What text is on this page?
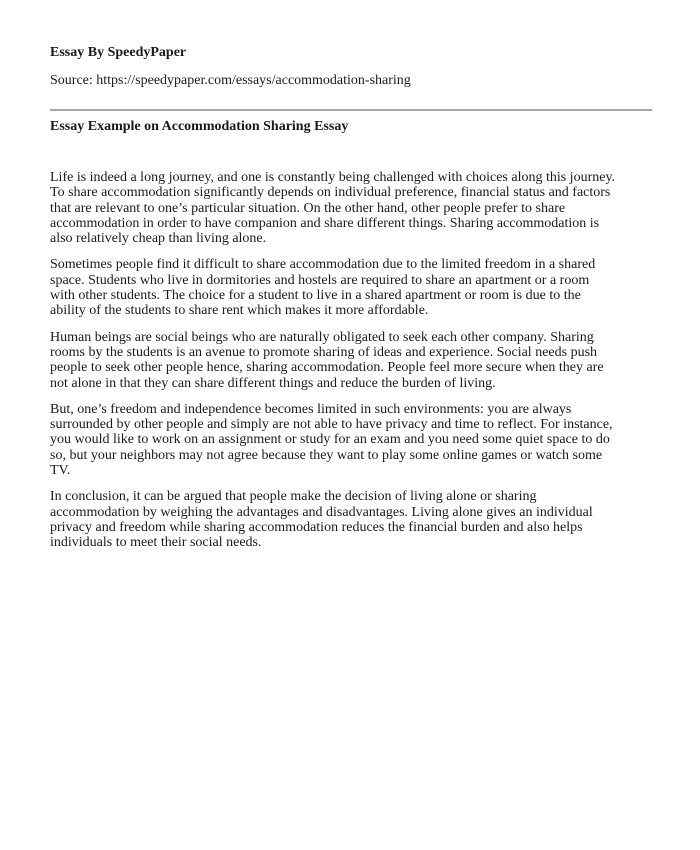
Essay By SpeedyPaper
Source: https://speedypaper.com/essays/accommodation-sharing
Essay Example on Accommodation Sharing Essay
Life is indeed a long journey, and one is constantly being challenged with choices along this journey.
To share accommodation significantly depends on individual preference, financial status and factors
that are relevant to one’s particular situation. On the other hand, other people prefer to share
accommodation in order to have companion and share different things. Sharing accommodation is
also relatively cheap than living alone.
Sometimes people find it difficult to share accommodation due to the limited freedom in a shared
space. Students who live in dormitories and hostels are required to share an apartment or a room
with other students. The choice for a student to live in a shared apartment or room is due to the
ability of the students to share rent which makes it more affordable.
Human beings are social beings who are naturally obligated to seek each other company. Sharing
rooms by the students is an avenue to promote sharing of ideas and experience. Social needs push
people to seek other people hence, sharing accommodation. People feel more secure when they are
not alone in that they can share different things and reduce the burden of living.
But, one’s freedom and independence becomes limited in such environments: you are always
surrounded by other people and simply are not able to have privacy and time to reflect. For instance,
you would like to work on an assignment or study for an exam and you need some quiet space to do
so, but your neighbors may not agree because they want to play some online games or watch some
TV.
In conclusion, it can be argued that people make the decision of living alone or sharing
accommodation by weighing the advantages and disadvantages. Living alone gives an individual
privacy and freedom while sharing accommodation reduces the financial burden and also helps
individuals to meet their social needs.
